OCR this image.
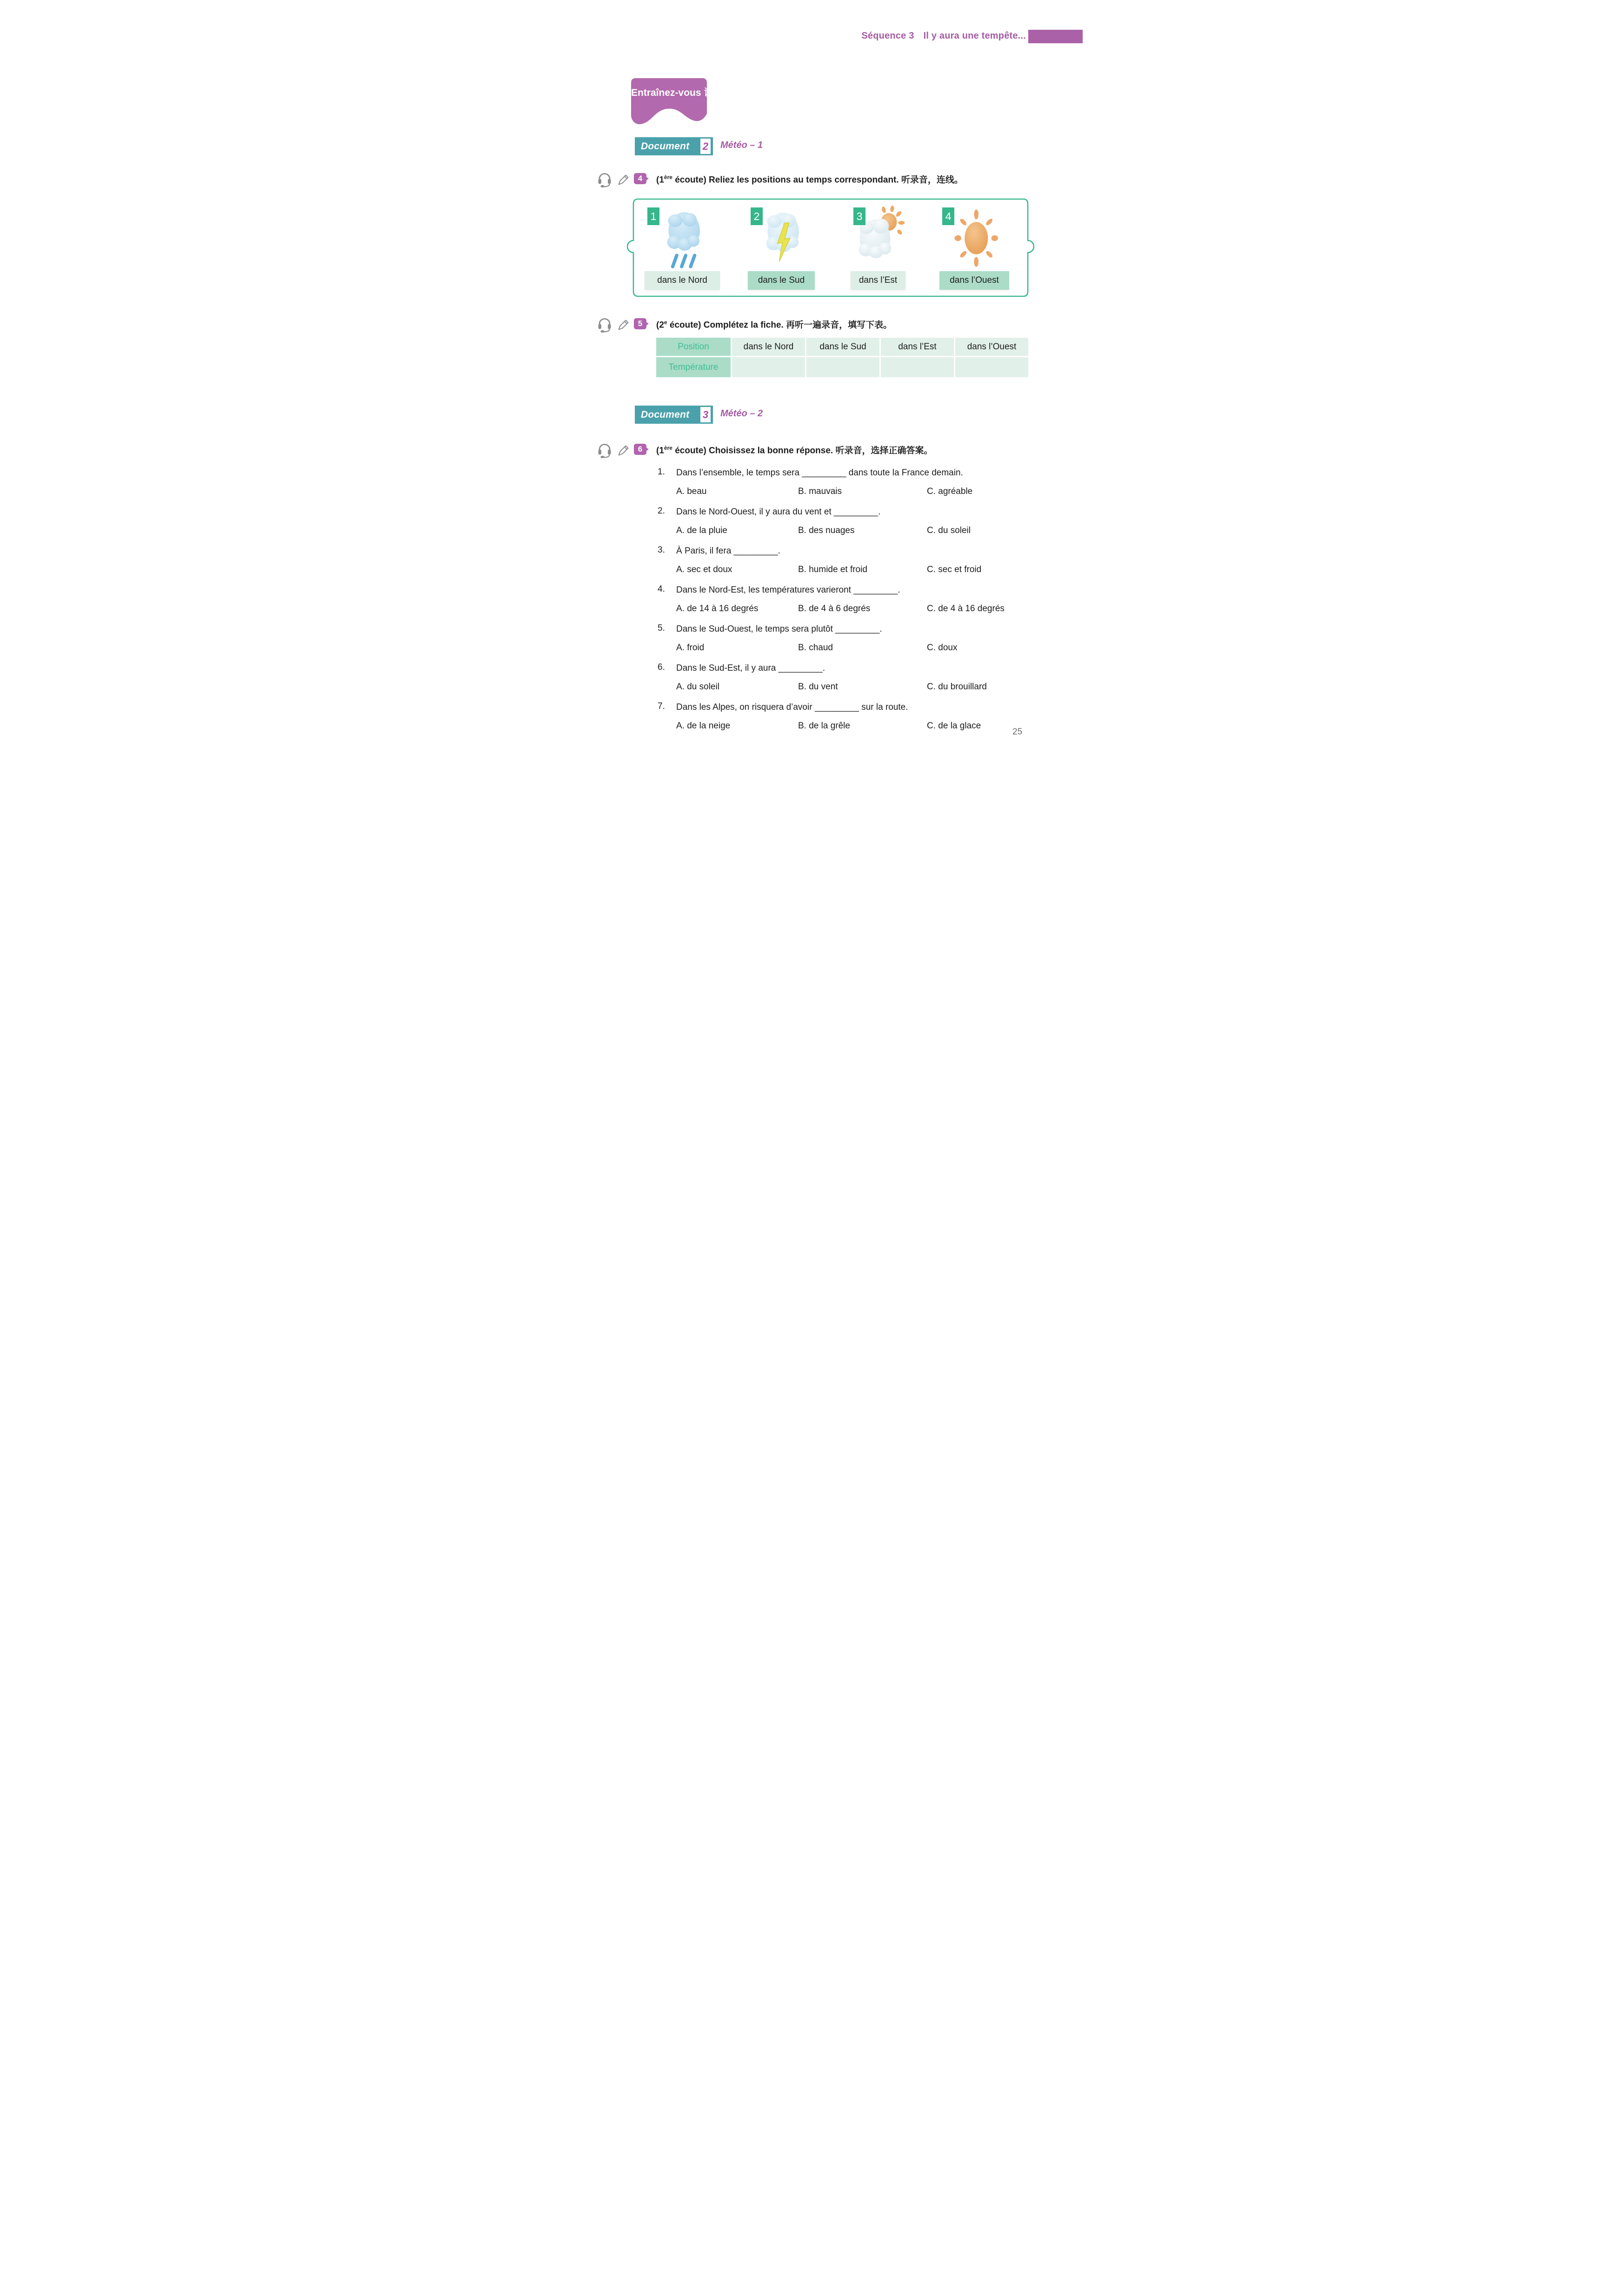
Séquence 3 Il y aura une tempête...
Entraînez-vous 训练
Document 2 Météo – 1
4	(1ère écoute) Reliez les positions au temps correspondant. 听录音，连线。
1	2	3	4
dans le Nord	dans le Sud	dans l’Est	dans l’Ouest
5	(2e écoute) Complétez la fiche. 再听一遍录音，填写下表。
Position	dans le Nord	dans le Sud	dans l’Est	dans l’Ouest
Température
Document 3 Météo – 2
6	(1ère écoute) Choisissez la bonne réponse. 听录音，选择正确答案。
1. Dans l’ensemble, le temps sera _________ dans toute la France demain.
A. beau	B. mauvais	C. agréable
2. Dans le Nord-Ouest, il y aura du vent et _________.
A. de la pluie	B. des nuages	C. du soleil
3. À Paris, il fera _________.
A. sec et doux	B. humide et froid	C. sec et froid
4. Dans le Nord-Est, les températures varieront _________.
A. de 14 à 16 degrés	B. de 4 à 6 degrés	C. de 4 à 16 degrés
5. Dans le Sud-Ouest, le temps sera plutôt _________.
A. froid	B. chaud	C. doux
6. Dans le Sud-Est, il y aura _________.
A. du soleil	B. du vent	C. du brouillard
7. Dans les Alpes, on risquera d’avoir _________ sur la route.
A. de la neige	B. de la grêle	C. de la glace
25
